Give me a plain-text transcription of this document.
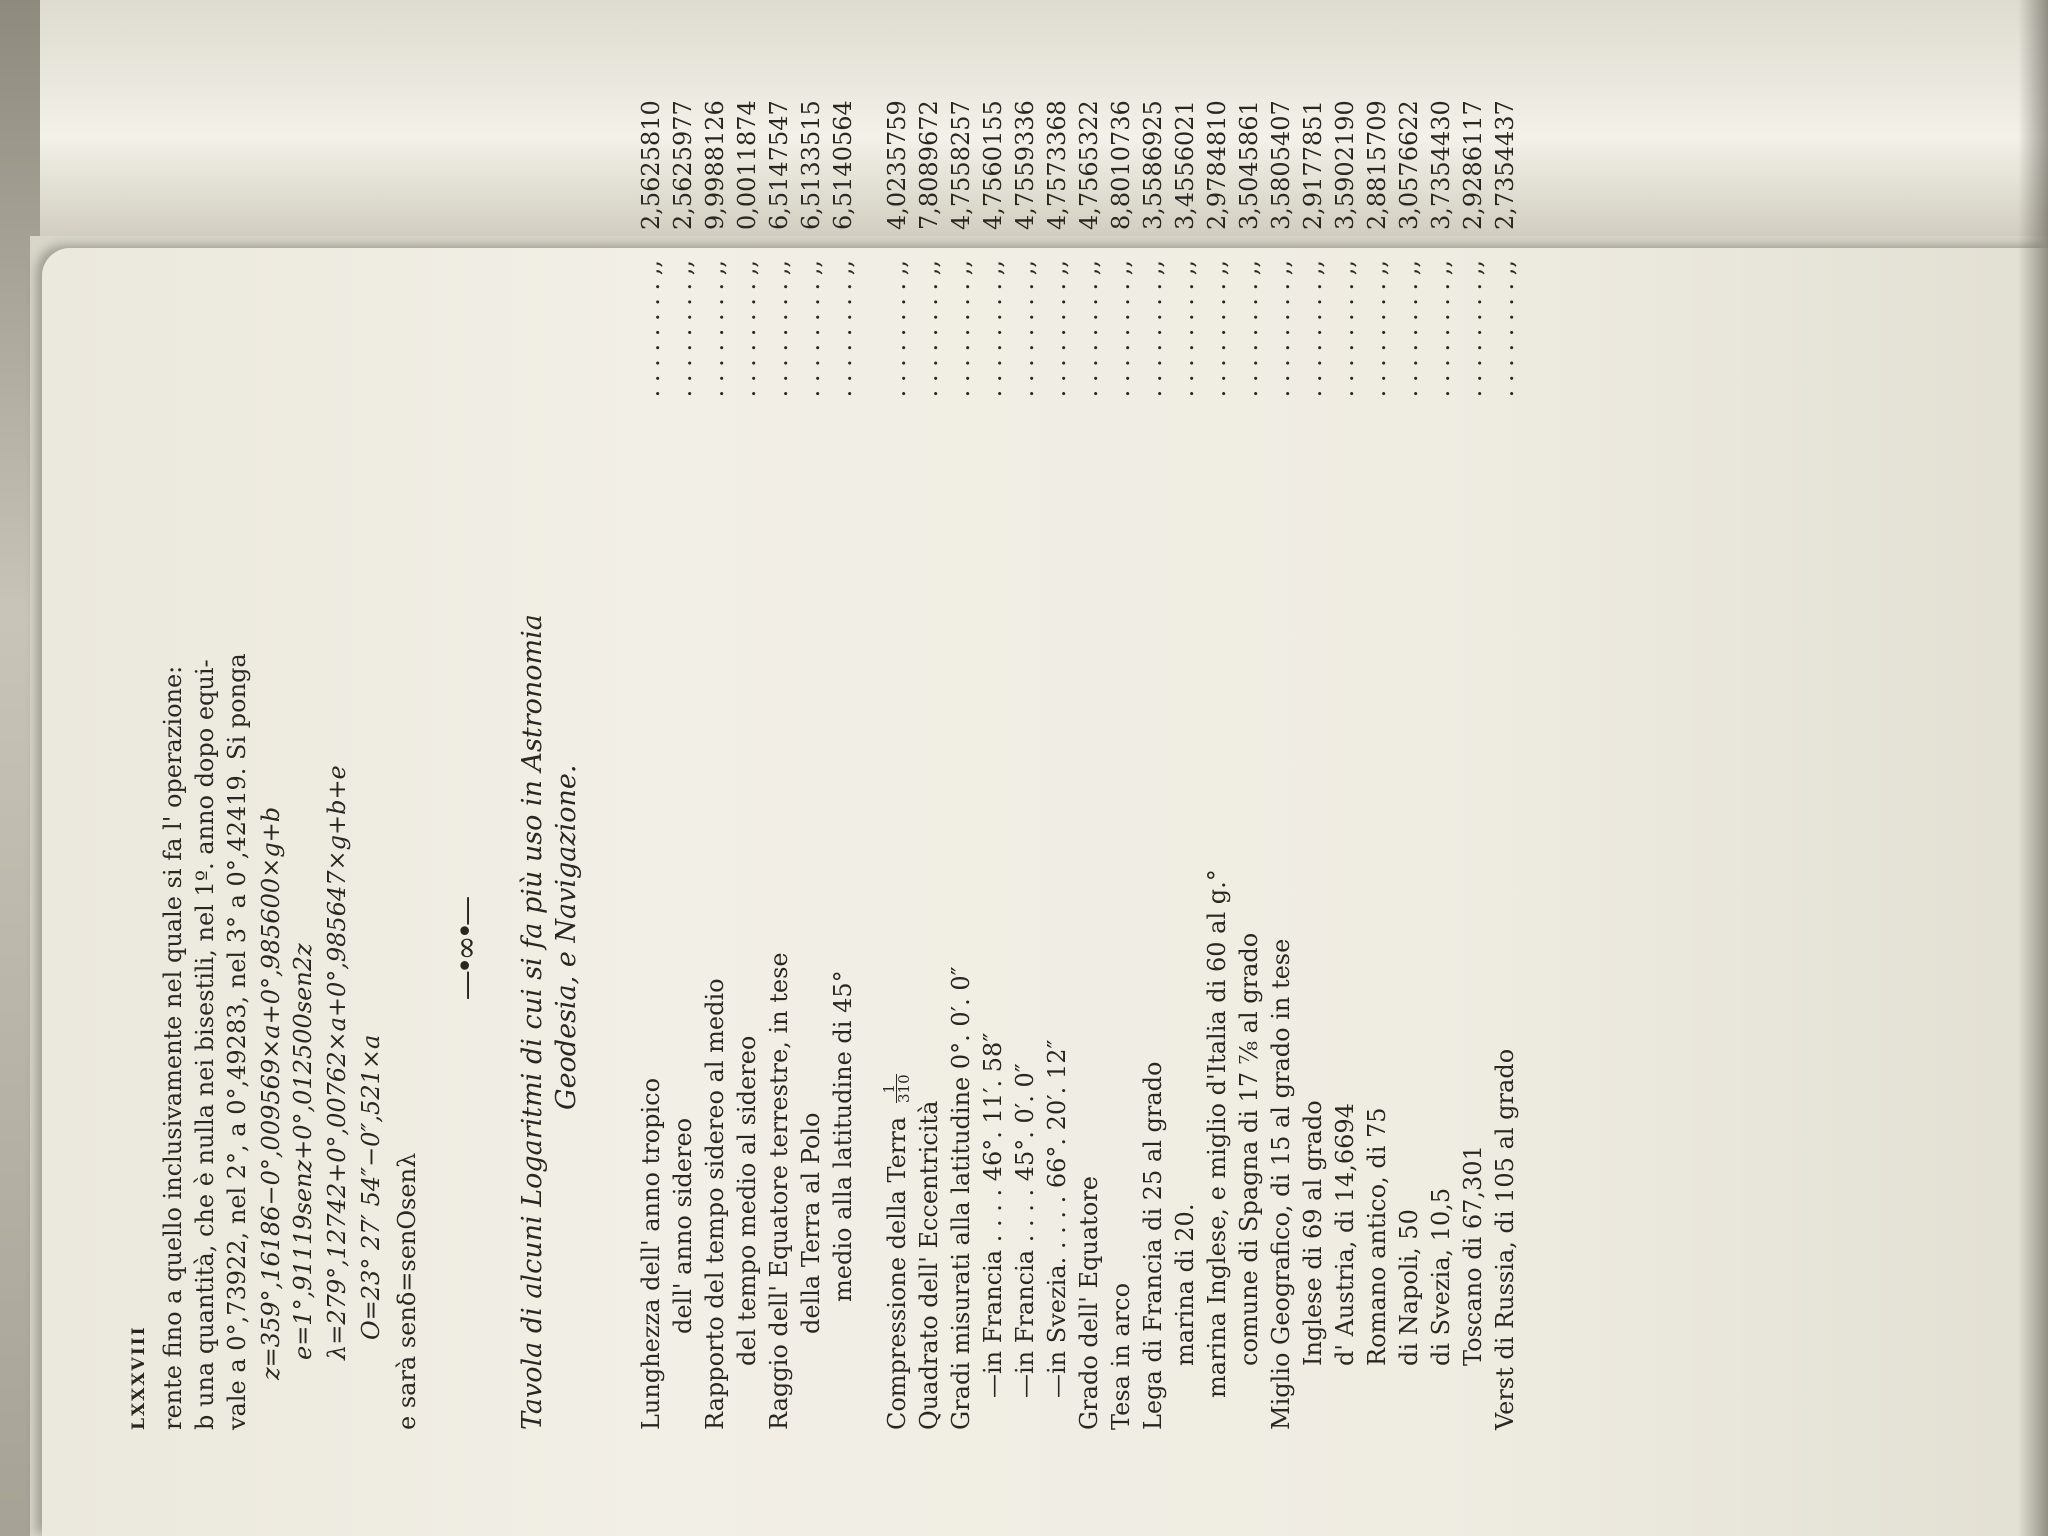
LXXXVIII rente fino a quello inclusivamente nel quale si fa l' operazione: b una quantità, che è nulla nei bisestili, nel 1º. anno dopo equi- vale a 0°,73922, nel 2°, a 0°,49283, nel 3° a 0°,42419. Si ponga z=359°,16186−0°,009569×a+0°,985600×g+b e=1°,91119senz+0°,012500sen2z λ=279°,12742+0°,00762×a+0°,985647×g+b+e O=23° 27′ 54″−0″,521×a e sarà senδ=senOsenλ
—•∞•— Tavola di alcuni Logaritmi di cui si fa più uso in Astronomia Geodesia, e Navigazione.
Lunghezza dell' anno tropico
. . . . . . . . ,,
2,5625810
dell' anno sidereo
. . . . . . . . ,,
2,5625977
Rapporto del tempo sidereo al medio
. . . . . . . . ,,
9,9988126
del tempo medio al sidereo
. . . . . . . . ,,
0,0011874
Raggio dell' Equatore terrestre, in tese
. . . . . . . . ,,
6,5147547
della Terra al Polo
. . . . . . . . ,,
6,5133515
medio alla latitudine di 45°
. . . . . . . . ,,
6,5140564
Compressione della Terra
1
310
. . . . . . . . ,,
4,0235759
Quadrato dell' Eccentricità
. . . . . . . . ,,
7,8089672
Gradi misurati alla latitudine 0°. 0′. 0″
. . . . . . . . ,,
4,7558257
—in Francia . . . . 46°. 11′. 58″
. . . . . . . . ,,
4,7560155
—in Francia . . . . 45°. 0′. 0″
. . . . . . . . ,,
4,7559336
—in Svezia. . . . . 66°. 20′. 12″
. . . . . . . . ,,
4,7573368
Grado dell' Equatore
. . . . . . . . ,,
4,7565322
Tesa in arco
. . . . . . . . ,,
8,8010736
Lega di Francia di 25 al grado
. . . . . . . . ,,
3,5586925
marina di 20.
. . . . . . . . ,,
3,4556021
marina Inglese, e miglio d'Italia di 60 al g.°
. . . . . . . . ,,
2,9784810
comune di Spagna di 17 ⅞ al grado
. . . . . . . . ,,
3,5045861
Miglio Geografico, di 15 al grado in tese
. . . . . . . . ,,
3,5805407
Inglese di 69 al grado
. . . . . . . . ,,
2,9177851
d' Austria, di 14,6694
. . . . . . . . ,,
3,5902190
Romano antico, di 75
. . . . . . . . ,,
2,8815709
di Napoli, 50
. . . . . . . . ,,
3,0576622
di Svezia, 10,5
. . . . . . . . ,,
3,7354430
Toscano di 67,301
. . . . . . . . ,,
2,9286117
Verst di Russia, di 105 al grado
. . . . . . . . ,,
2,7354437
